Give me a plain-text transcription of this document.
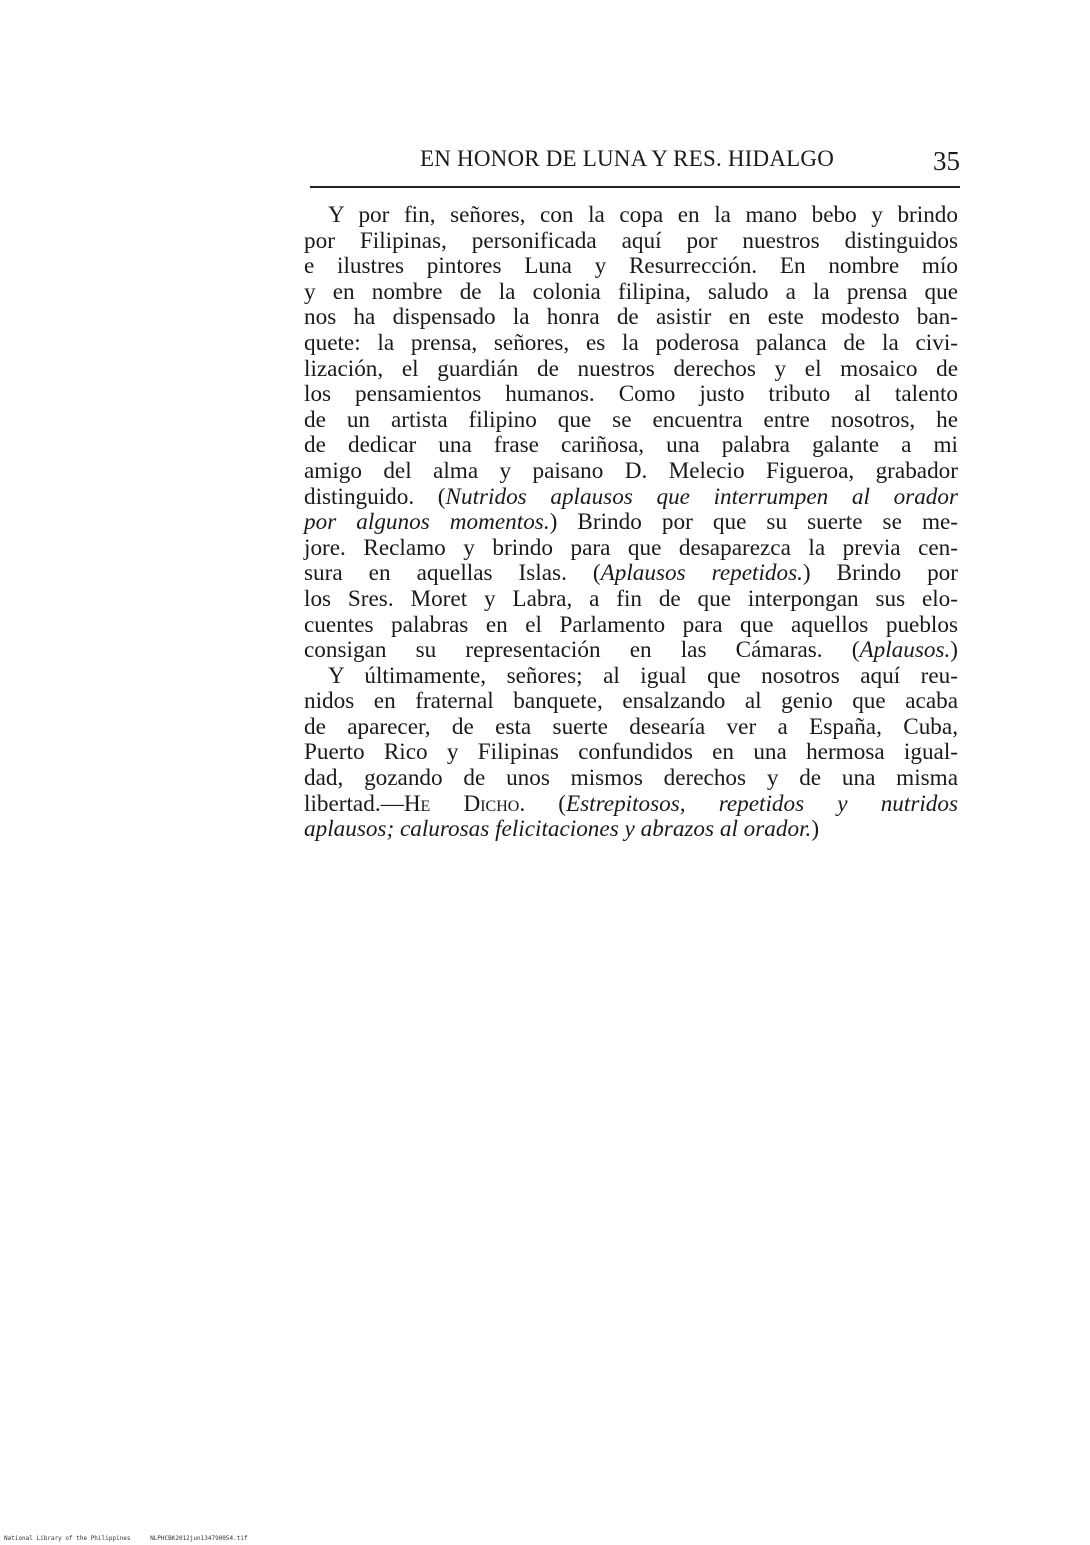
EN HONOR DE LUNA Y RES. HIDALGO	35
Y por fin, señores, con la copa en la mano bebo y brindo
por Filipinas, personificada aquí por nuestros distinguidos
e ilustres pintores Luna y Resurrección. En nombre mío
y en nombre de la colonia filipina, saludo a la prensa que
nos ha dispensado la honra de asistir en este modesto ban-
quete: la prensa, señores, es la poderosa palanca de la civi-
lización, el guardián de nuestros derechos y el mosaico de
los pensamientos humanos. Como justo tributo al talento
de un artista filipino que se encuentra entre nosotros, he
de dedicar una frase cariñosa, una palabra galante a mi
amigo del alma y paisano D. Melecio Figueroa, grabador
distinguido. (Nutridos aplausos que interrumpen al orador
por algunos momentos.) Brindo por que su suerte se me-
jore. Reclamo y brindo para que desaparezca la previa cen-
sura en aquellas Islas. (Aplausos repetidos.) Brindo por
los Sres. Moret y Labra, a fin de que interpongan sus elo-
cuentes palabras en el Parlamento para que aquellos pueblos
consigan su representación en las Cámaras. (Aplausos.)
Y últimamente, señores; al igual que nosotros aquí reu-
nidos en fraternal banquete, ensalzando al genio que acaba
de aparecer, de esta suerte desearía ver a España, Cuba,
Puerto Rico y Filipinas confundidos en una hermosa igual-
dad, gozando de unos mismos derechos y de una misma
libertad.—He Dicho. (Estrepitosos, repetidos y nutridos
aplausos; calurosas felicitaciones y abrazos al orador.)
National Library of the Philippines	NLPHCBK2012jun134790054.tif
